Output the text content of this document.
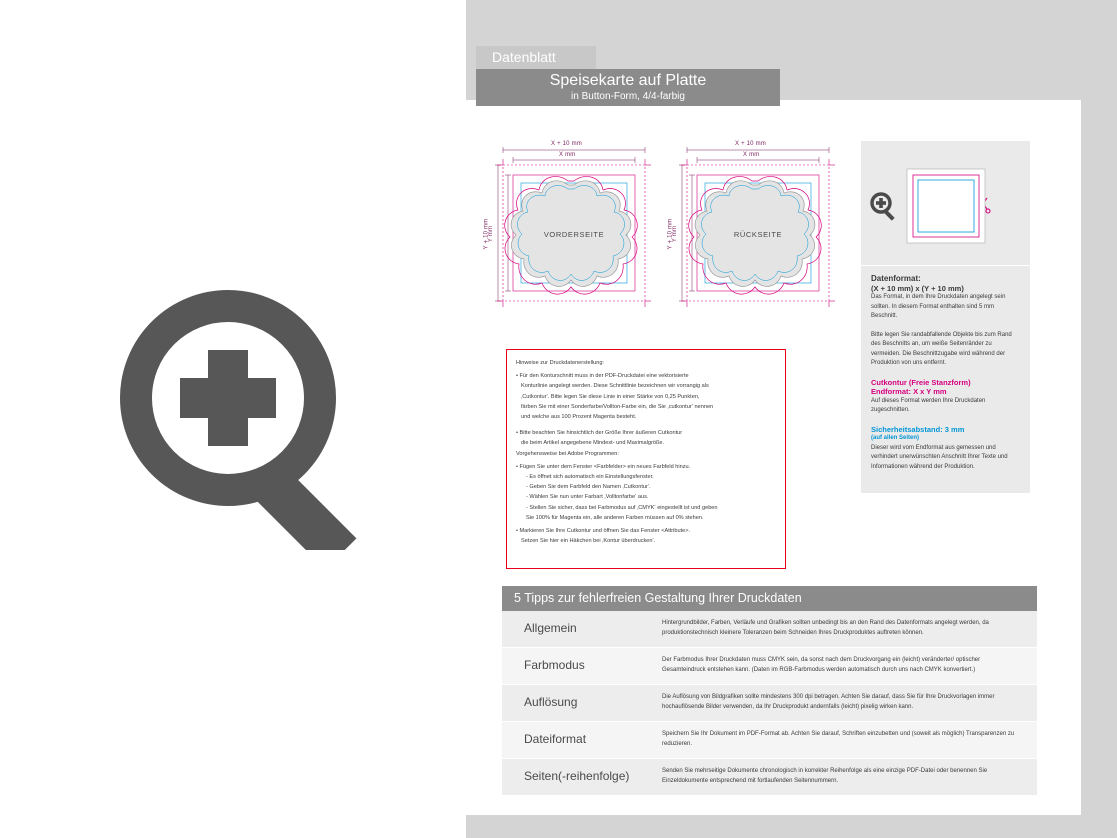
Datenblatt
Speisekarte auf Platte
in Button-Form, 4/4-farbig
X + 10 mm
X mm
Y + 10 mm
Y mm	VORDERSEITE
X + 10 mm
X mm
Y + 10 mm
Y mm	RÜCKSEITE
Hinweise zur Druckdatenerstellung:

• Für den Konturschnitt muss in der PDF-Druckdatei eine vektorisierte

Konturlinie angelegt werden. Diese Schnittlinie bezeichnen wir vorrangig als

‚Cutkontur‘. Bitte legen Sie diese Linie in einer Stärke von 0,25 Punkten,

färben Sie mit einer Sonderfarbe/Vollton-Farbe ein, die Sie ‚cutkontur‘ nennen

und welche aus 100 Prozent Magenta besteht.

• Bitte beachten Sie hinsichtlich der Größe Ihrer äußeren Cutkontur

die beim Artikel angegebene Mindest- und Maximalgröße.

Vorgehensweise bei Adobe Programmen:

• Fügen Sie unter dem Fenster <Farbfelder> ein neues Farbfeld hinzu.

- Es öffnet sich automatisch ein Einstellungsfenster.

- Geben Sie dem Farbfeld den Namen ‚Cutkontur‘.

- Wählen Sie nun unter Farbart ‚Volltonfarbe‘ aus.

- Stellen Sie sicher, dass bei Farbmodus auf ‚CMYK‘ eingestellt ist und geben

Sie 100% für Magenta ein, alle anderen Farben müssen auf 0% stehen.

• Markieren Sie Ihre Cutkontur und öffnen Sie das Fenster <Attribute>.

Setzen Sie hier ein Häkchen bei ‚Kontur überdrucken‘.

Datenformat:
(X + 10 mm) x (Y + 10 mm)
Das Format, in dem Ihre Druckdaten angelegt sein sollten. In diesem Format enthalten sind 5 mm Beschnitt.
Bitte legen Sie randabfallende Objekte bis zum Rand des Beschnitts an, um weiße Seitenränder zu vermeiden. Die Beschnittzugabe wird während der Produktion von uns entfernt.
Cutkontur (Freie Stanzform)
Endformat: X x Y mm
Auf dieses Format werden Ihre Druckdaten zugeschnitten.
Sicherheitsabstand: 3 mm
(auf allen Seiten)
Dieser wird vom Endformat aus gemessen und verhindert unerwünschten Anschnitt Ihrer Texte und Informationen während der Produktion.
5 Tipps zur fehlerfreien Gestaltung Ihrer Druckdaten
Allgemein	Hintergrundbilder, Farben, Verläufe und Grafiken sollten unbedingt bis an den Rand des Datenformats angelegt werden, da produktionstechnisch kleinere Toleranzen beim Schneiden Ihres Druckproduktes auftreten können.
Farbmodus	Der Farbmodus Ihrer Druckdaten muss CMYK sein, da sonst nach dem Druckvorgang ein (leicht) veränderter/ optischer Gesamteindruck entstehen kann. (Daten im RGB-Farbmodus werden automatisch durch uns nach CMYK konvertiert.)
Auflösung	Die Auflösung von Bildgrafiken sollte mindestens 300 dpi betragen. Achten Sie darauf, dass Sie für Ihre Druckvorlagen immer hochauflösende Bilder verwenden, da Ihr Druckprodukt andernfalls (leicht) pixelig wirken kann.
Dateiformat	Speichern Sie Ihr Dokument im PDF-Format ab. Achten Sie darauf, Schriften einzubetten und (soweit als möglich) Transparenzen zu reduzieren.
Seiten(-reihenfolge)	Senden Sie mehrseitige Dokumente chronologisch in korrekter Reihenfolge als eine einzige PDF-Datei oder benennen Sie Einzeldokumente entsprechend mit fortlaufenden Seitennummern.
